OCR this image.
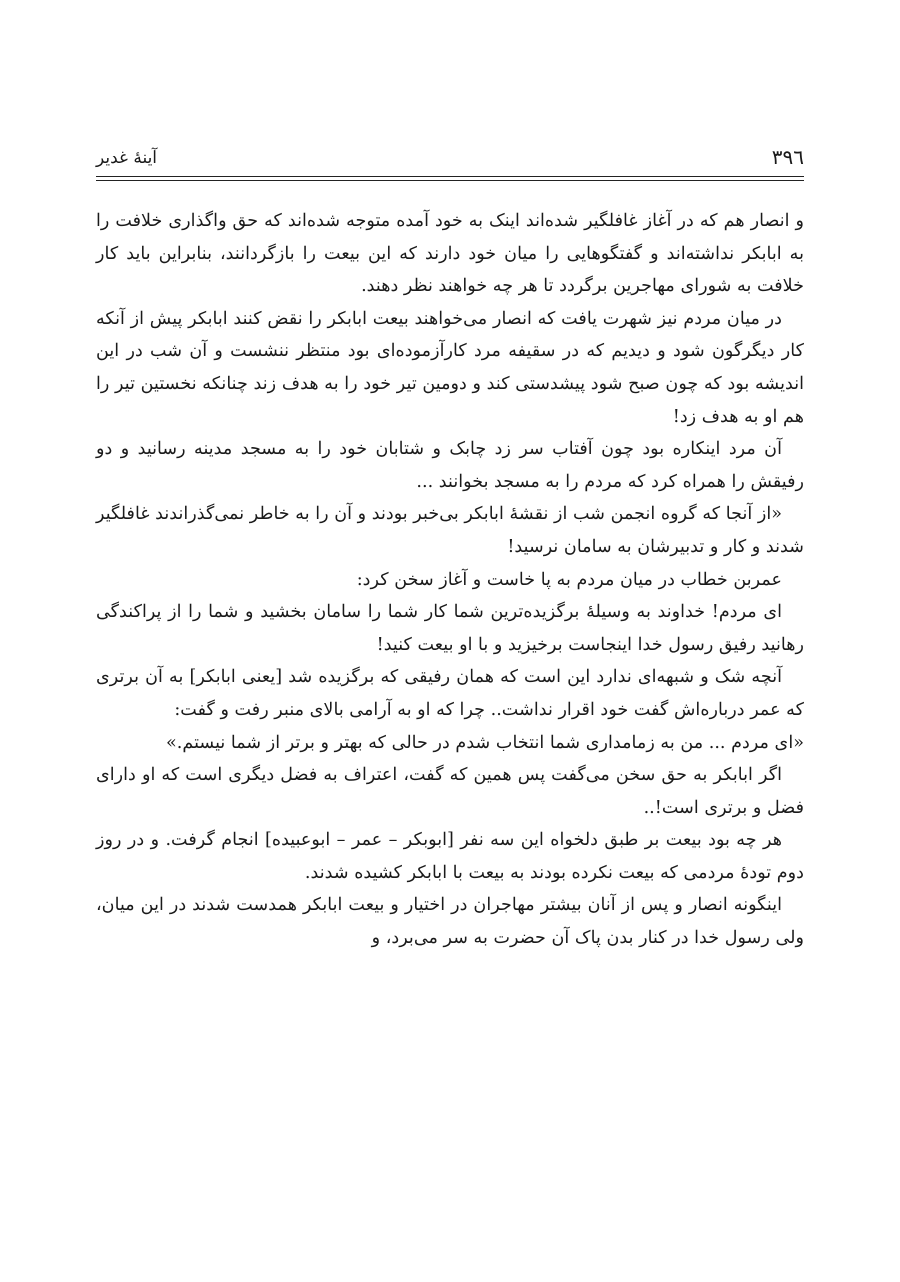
۳۹٦
آینهٔ غدیر

و انصار هم که در آغاز غافلگیر شده‌اند اینک به خود آمده متوجه شده‌اند که حق واگذاری خلافت را به ابابکر نداشته‌اند و گفتگوهایی را میان خود دارند که این بیعت را بازگردانند، بنابراین باید کار خلافت به شورای مهاجرین برگردد تا هر چه خواهند نظر دهند.

در میان مردم نیز شهرت یافت که انصار می‌خواهند بیعت ابابکر را نقض کنند ابابکر پیش از آنکه کار دیگرگون شود و دیدیم که در سقیفه مرد کارآزموده‌ای بود منتظر ننشست و آن شب در این اندیشه بود که چون صبح شود پیشدستی کند و دومین تیر خود را به هدف زند چنانکه نخستین تیر را هم او به هدف زد!

آن مرد اینکاره بود چون آفتاب سر زد چابک و شتابان خود را به مسجد مدینه رسانید و دو رفیقش را همراه کرد که مردم را به مسجد بخوانند ...

«از آنجا که گروه انجمن شب از نقشهٔ ابابکر بی‌خبر بودند و آن را به خاطر نمی‌گذراندند غافلگیر شدند و کار و تدبیرشان به سامان نرسید!

عمربن خطاب در میان مردم به پا خاست و آغاز سخن کرد:

ای مردم! خداوند به وسیلهٔ برگزیده‌ترین شما کار شما را سامان بخشید و شما را از پراکندگی رهانید رفیق رسول خدا اینجاست برخیزید و با او بیعت کنید!

آنچه شک و شبهه‌ای ندارد این است که همان رفیقی که برگزیده شد [یعنی ابابکر] به آن برتری که عمر درباره‌اش گفت خود اقرار نداشت.. چرا که او به آرامی بالای منبر رفت و گفت:

«ای مردم ... من به زمامداری شما انتخاب شدم در حالی که بهتر و برتر از شما نیستم.»

اگر ابابکر به حق سخن می‌گفت پس همین که گفت، اعتراف به فضل دیگری است که او دارای فضل و برتری است!..

هر چه بود بیعت بر طبق دلخواه این سه نفر [ابوبکر – عمر – ابوعبیده] انجام گرفت. و در روز دوم تودهٔ مردمی که بیعت نکرده بودند به بیعت با ابابکر کشیده شدند.

اینگونه انصار و پس از آنان بیشتر مهاجران در اختیار و بیعت ابابکر همدست شدند در این میان، ولی رسول خدا در کنار بدن پاک آن حضرت به سر می‌برد، و
